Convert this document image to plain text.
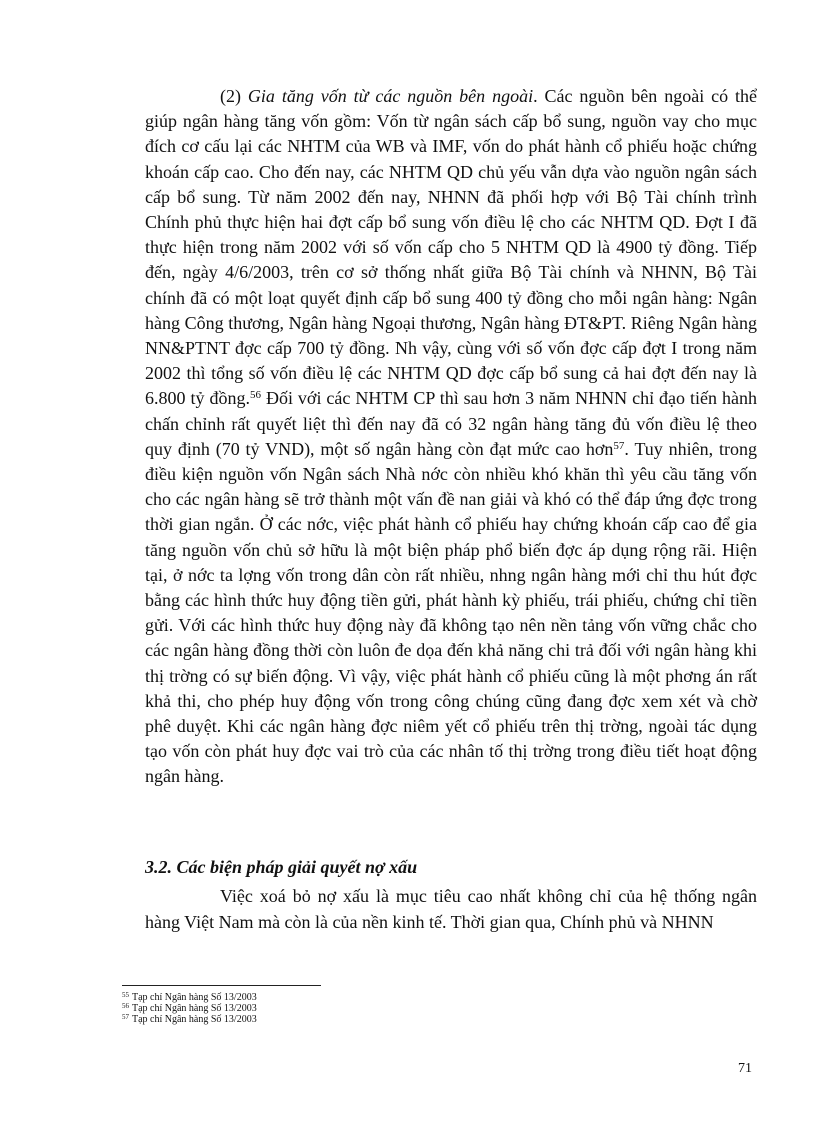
(2) Gia tăng vốn từ các nguồn bên ngoài. Các nguồn bên ngoài có thể giúp ngân hàng tăng vốn gồm: Vốn từ ngân sách cấp bổ sung, nguồn vay cho mục đích cơ cấu lại các NHTM của WB và IMF, vốn do phát hành cổ phiếu hoặc chứng khoán cấp cao. Cho đến nay, các NHTM QD chủ yếu vẫn dựa vào nguồn ngân sách cấp bổ sung. Từ năm 2002 đến nay, NHNN đã phối hợp với Bộ Tài chính trình Chính phủ thực hiện hai đợt cấp bổ sung vốn điều lệ cho các NHTM QD. Đợt I đã thực hiện trong năm 2002 với số vốn cấp cho 5 NHTM QD là 4900 tỷ đồng. Tiếp đến, ngày 4/6/2003, trên cơ sở thống nhất giữa Bộ Tài chính và NHNN, Bộ Tài chính đã có một loạt quyết định cấp bổ sung 400 tỷ đồng cho mỗi ngân hàng: Ngân hàng Công thương, Ngân hàng Ngoại thương, Ngân hàng ĐT&PT. Riêng Ngân hàng NN&PTNT đợc cấp 700 tỷ đồng. Nh vậy, cùng với số vốn đợc cấp đợt I trong năm 2002 thì tổng số vốn điều lệ các NHTM QD đợc cấp bổ sung cả hai đợt đến nay là 6.800 tỷ đồng.$^{56}$ Đối với các NHTM CP thì sau hơn 3 năm NHNN chỉ đạo tiến hành chấn chỉnh rất quyết liệt thì đến nay đã có 32 ngân hàng tăng đủ vốn điều lệ theo quy định (70 tỷ VND), một số ngân hàng còn đạt mức cao hơn$^{57}$. Tuy nhiên, trong điều kiện nguồn vốn Ngân sách Nhà nớc còn nhiều khó khăn thì yêu cầu tăng vốn cho các ngân hàng sẽ trở thành một vấn đề nan giải và khó có thể đáp ứng đợc trong thời gian ngắn. Ở các nớc, việc phát hành cổ phiếu hay chứng khoán cấp cao để gia tăng nguồn vốn chủ sở hữu là một biện pháp phổ biến đợc áp dụng rộng rãi. Hiện tại, ở nớc ta lợng vốn trong dân còn rất nhiều, nhng ngân hàng mới chỉ thu hút đợc bằng các hình thức huy động tiền gửi, phát hành kỳ phiếu, trái phiếu, chứng chỉ tiền gửi. Với các hình thức huy động này đã không tạo nên nền tảng vốn vững chắc cho các ngân hàng đồng thời còn luôn đe dọa đến khả năng chi trả đối với ngân hàng khi thị trờng có sự biến động. Vì vậy, việc phát hành cổ phiếu cũng là một phơng án rất khả thi, cho phép huy động vốn trong công chúng cũng đang đợc xem xét và chờ phê duyệt. Khi các ngân hàng đợc niêm yết cổ phiếu trên thị trờng, ngoài tác dụng tạo vốn còn phát huy đợc vai trò của các nhân tố thị trờng trong điều tiết hoạt động ngân hàng.

3.2. Các biện pháp giải quyết nợ xấu

Việc xoá bỏ nợ xấu là mục tiêu cao nhất không chỉ của hệ thống ngân hàng Việt Nam mà còn là của nền kinh tế. Thời gian qua, Chính phủ và NHNN

$^{55}$ Tạp chí Ngân hàng Số 13/2003
$^{56}$ Tạp chí Ngân hàng Số 13/2003
$^{57}$ Tạp chí Ngân hàng Số 13/2003
71
